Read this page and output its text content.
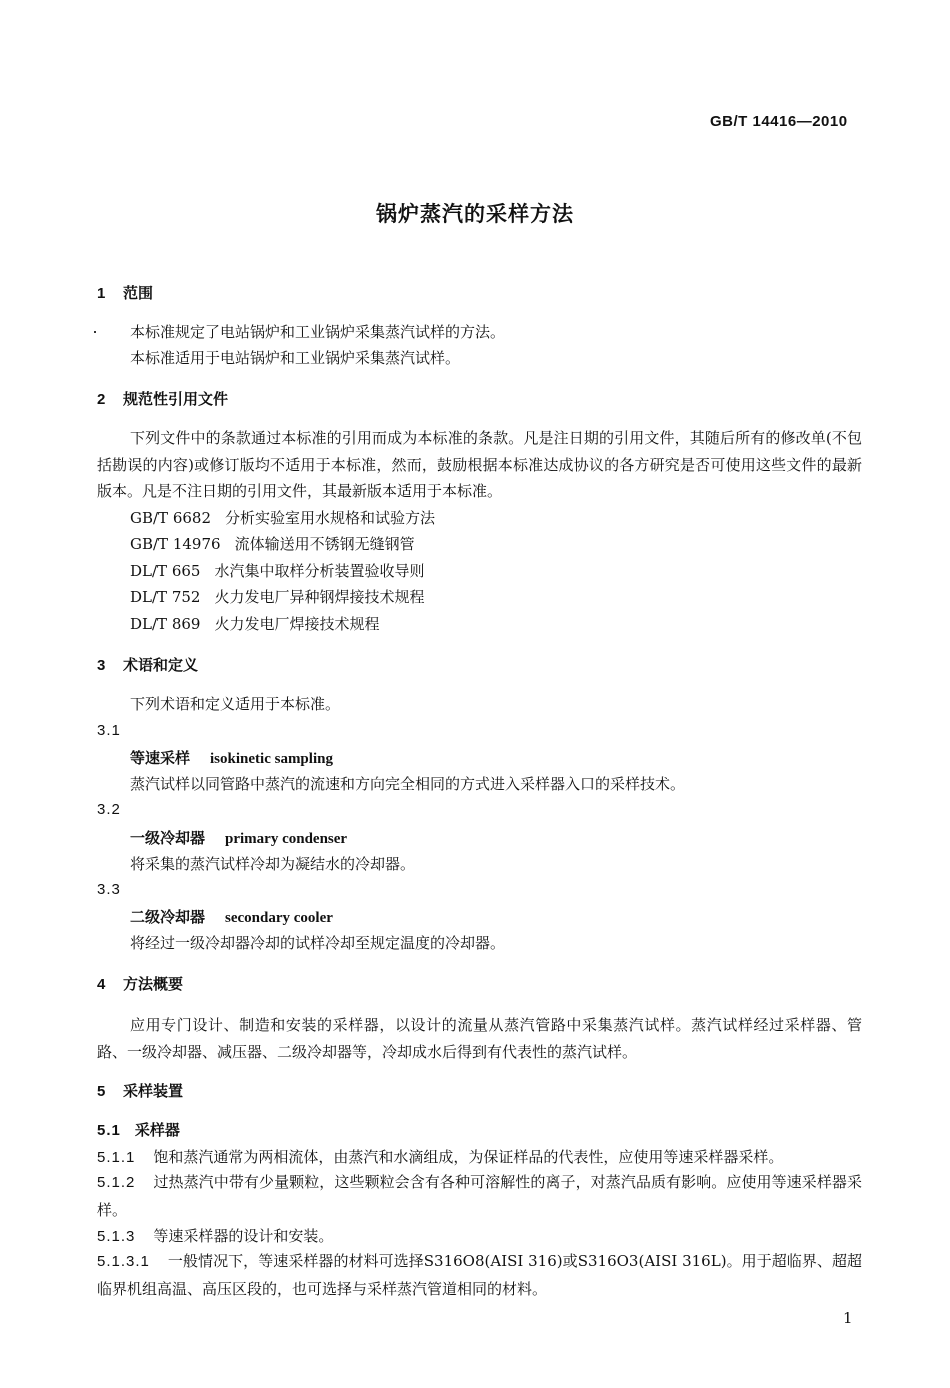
GB/T 14416—2010
锅炉蒸汽的采样方法
1 范围
本标准规定了电站锅炉和工业锅炉采集蒸汽试样的方法。
本标准适用于电站锅炉和工业锅炉采集蒸汽试样。
2 规范性引用文件
下列文件中的条款通过本标准的引用而成为本标准的条款。凡是注日期的引用文件，其随后所有的修改单(不包括勘误的内容)或修订版均不适用于本标准，然而，鼓励根据本标准达成协议的各方研究是否可使用这些文件的最新版本。凡是不注日期的引用文件，其最新版本适用于本标准。
GB/T 6682 分析实验室用水规格和试验方法
GB/T 14976 流体输送用不锈钢无缝钢管
DL/T 665 水汽集中取样分析装置验收导则
DL/T 752 火力发电厂异种钢焊接技术规程
DL/T 869 火力发电厂焊接技术规程
3 术语和定义
下列术语和定义适用于本标准。
3.1
等速采样 isokinetic sampling
蒸汽试样以同管路中蒸汽的流速和方向完全相同的方式进入采样器入口的采样技术。
3.2
一级冷却器 primary condenser
将采集的蒸汽试样冷却为凝结水的冷却器。
3.3
二级冷却器 secondary cooler
将经过一级冷却器冷却的试样冷却至规定温度的冷却器。
4 方法概要
应用专门设计、制造和安装的采样器，以设计的流量从蒸汽管路中采集蒸汽试样。蒸汽试样经过采样器、管路、一级冷却器、减压器、二级冷却器等，冷却成水后得到有代表性的蒸汽试样。
5 采样装置
5.1 采样器
5.1.1 饱和蒸汽通常为两相流体，由蒸汽和水滴组成，为保证样品的代表性，应使用等速采样器采样。
5.1.2 过热蒸汽中带有少量颗粒，这些颗粒会含有各种可溶解性的离子，对蒸汽品质有影响。应使用等速采样器采样。
5.1.3 等速采样器的设计和安装。
5.1.3.1 一般情况下，等速采样器的材料可选择S316O8(AISI 316)或S316O3(AISI 316L)。用于超临界、超超临界机组高温、高压区段的，也可选择与采样蒸汽管道相同的材料。
1
